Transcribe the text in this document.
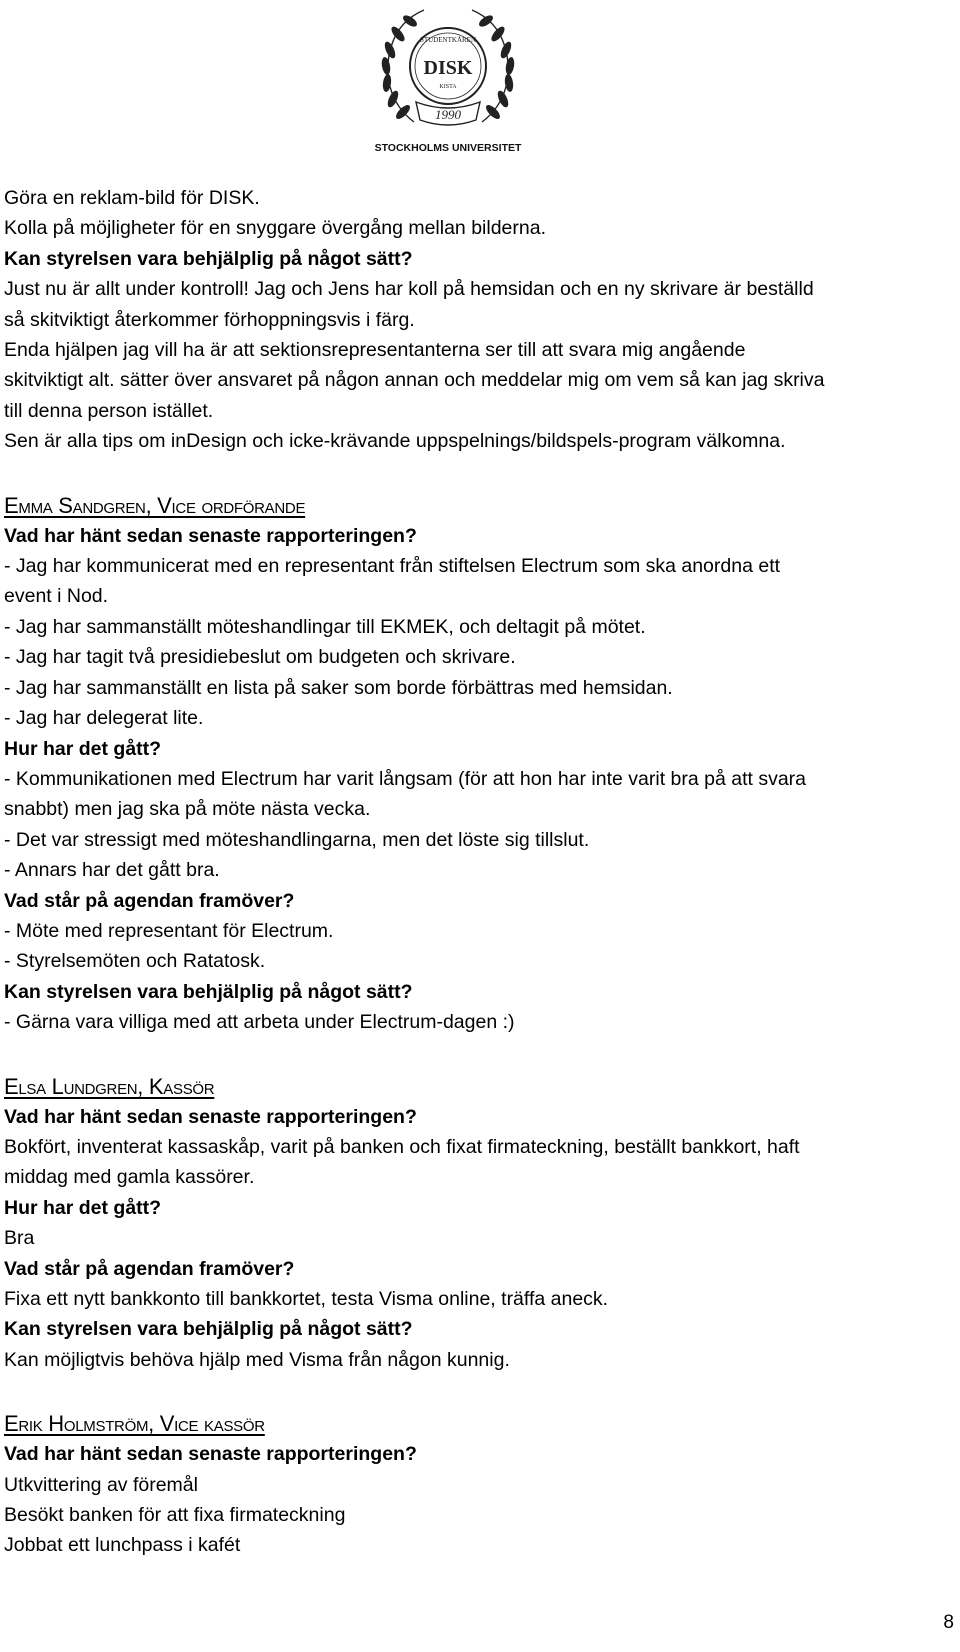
STUDENTKÅREN
DISK
KISTA
1990
STOCKHOLMS UNIVERSITET
Göra en reklam-bild för DISK.
Kolla på möjligheter för en snyggare övergång mellan bilderna.
Kan styrelsen vara behjälplig på något sätt?
Just nu är allt under kontroll! Jag och Jens har koll på hemsidan och en ny skrivare är beställd
så skitviktigt återkommer förhoppningsvis i färg.
Enda hjälpen jag vill ha är att sektionsrepresentanterna ser till att svara mig angående
skitviktigt alt. sätter över ansvaret på någon annan och meddelar mig om vem så kan jag skriva
till denna person istället.
Sen är alla tips om inDesign och icke-krävande uppspelnings/bildspels-program välkomna.
Emma Sandgren, Vice ordförande
Vad har hänt sedan senaste rapporteringen?
- Jag har kommunicerat med en representant från stiftelsen Electrum som ska anordna ett
event i Nod.
- Jag har sammanställt möteshandlingar till EKMEK, och deltagit på mötet.
- Jag har tagit två presidiebeslut om budgeten och skrivare.
- Jag har sammanställt en lista på saker som borde förbättras med hemsidan.
- Jag har delegerat lite.
Hur har det gått?
- Kommunikationen med Electrum har varit långsam (för att hon har inte varit bra på att svara
snabbt) men jag ska på möte nästa vecka.
- Det var stressigt med möteshandlingarna, men det löste sig tillslut.
- Annars har det gått bra.
Vad står på agendan framöver?
- Möte med representant för Electrum.
- Styrelsemöten och Ratatosk.
Kan styrelsen vara behjälplig på något sätt?
- Gärna vara villiga med att arbeta under Electrum-dagen :)
Elsa Lundgren, Kassör
Vad har hänt sedan senaste rapporteringen?
Bokfört, inventerat kassaskåp, varit på banken och fixat firmateckning, beställt bankkort, haft
middag med gamla kassörer.
Hur har det gått?
Bra
Vad står på agendan framöver?
Fixa ett nytt bankkonto till bankkortet, testa Visma online, träffa aneck.
Kan styrelsen vara behjälplig på något sätt?
Kan möjligtvis behöva hjälp med Visma från någon kunnig.
Erik Holmström, Vice kassör
Vad har hänt sedan senaste rapporteringen?
Utkvittering av föremål
Besökt banken för att fixa firmateckning
Jobbat ett lunchpass i kafét
8
